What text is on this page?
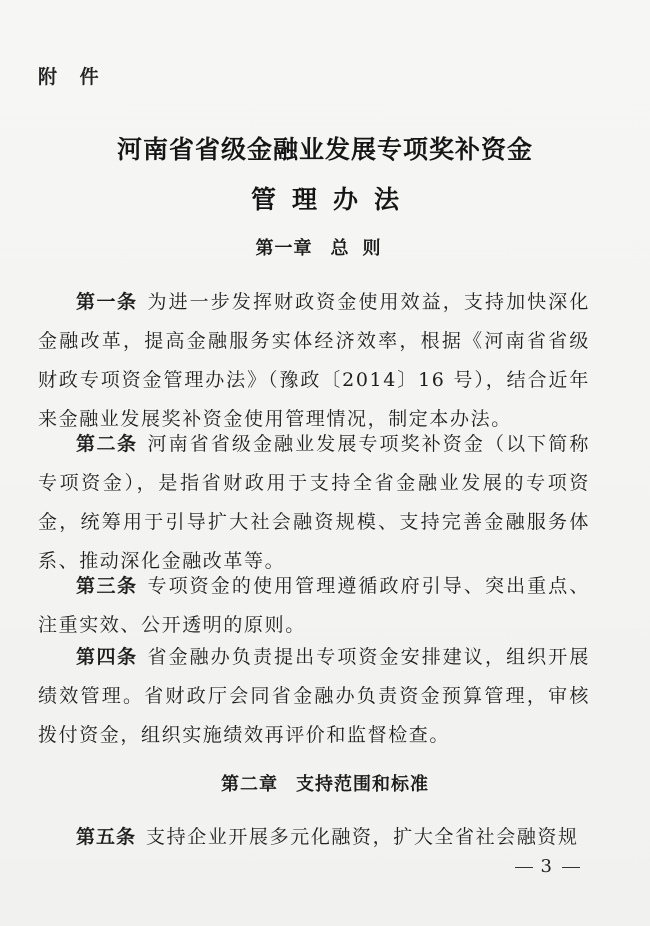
附 件
河南省省级金融业发展专项奖补资金
管理办法
第一章 总则

第一条 为进一步发挥财政资金使用效益，支持加快深化金融改革，提高金融服务实体经济效率，根据《河南省省级财政专项资金管理办法》（豫政〔2014〕16 号），结合近年来金融业发展奖补资金使用管理情况，制定本办法。

第二条 河南省省级金融业发展专项奖补资金（以下简称专项资金），是指省财政用于支持全省金融业发展的专项资金，统筹用于引导扩大社会融资规模、支持完善金融服务体系、推动深化金融改革等。

第三条 专项资金的使用管理遵循政府引导、突出重点、注重实效、公开透明的原则。

第四条 省金融办负责提出专项资金安排建议，组织开展绩效管理。省财政厅会同省金融办负责资金预算管理，审核拨付资金，组织实施绩效再评价和监督检查。

第二章 支持范围和标准

第五条 支持企业开展多元化融资，扩大全省社会融资规

3
